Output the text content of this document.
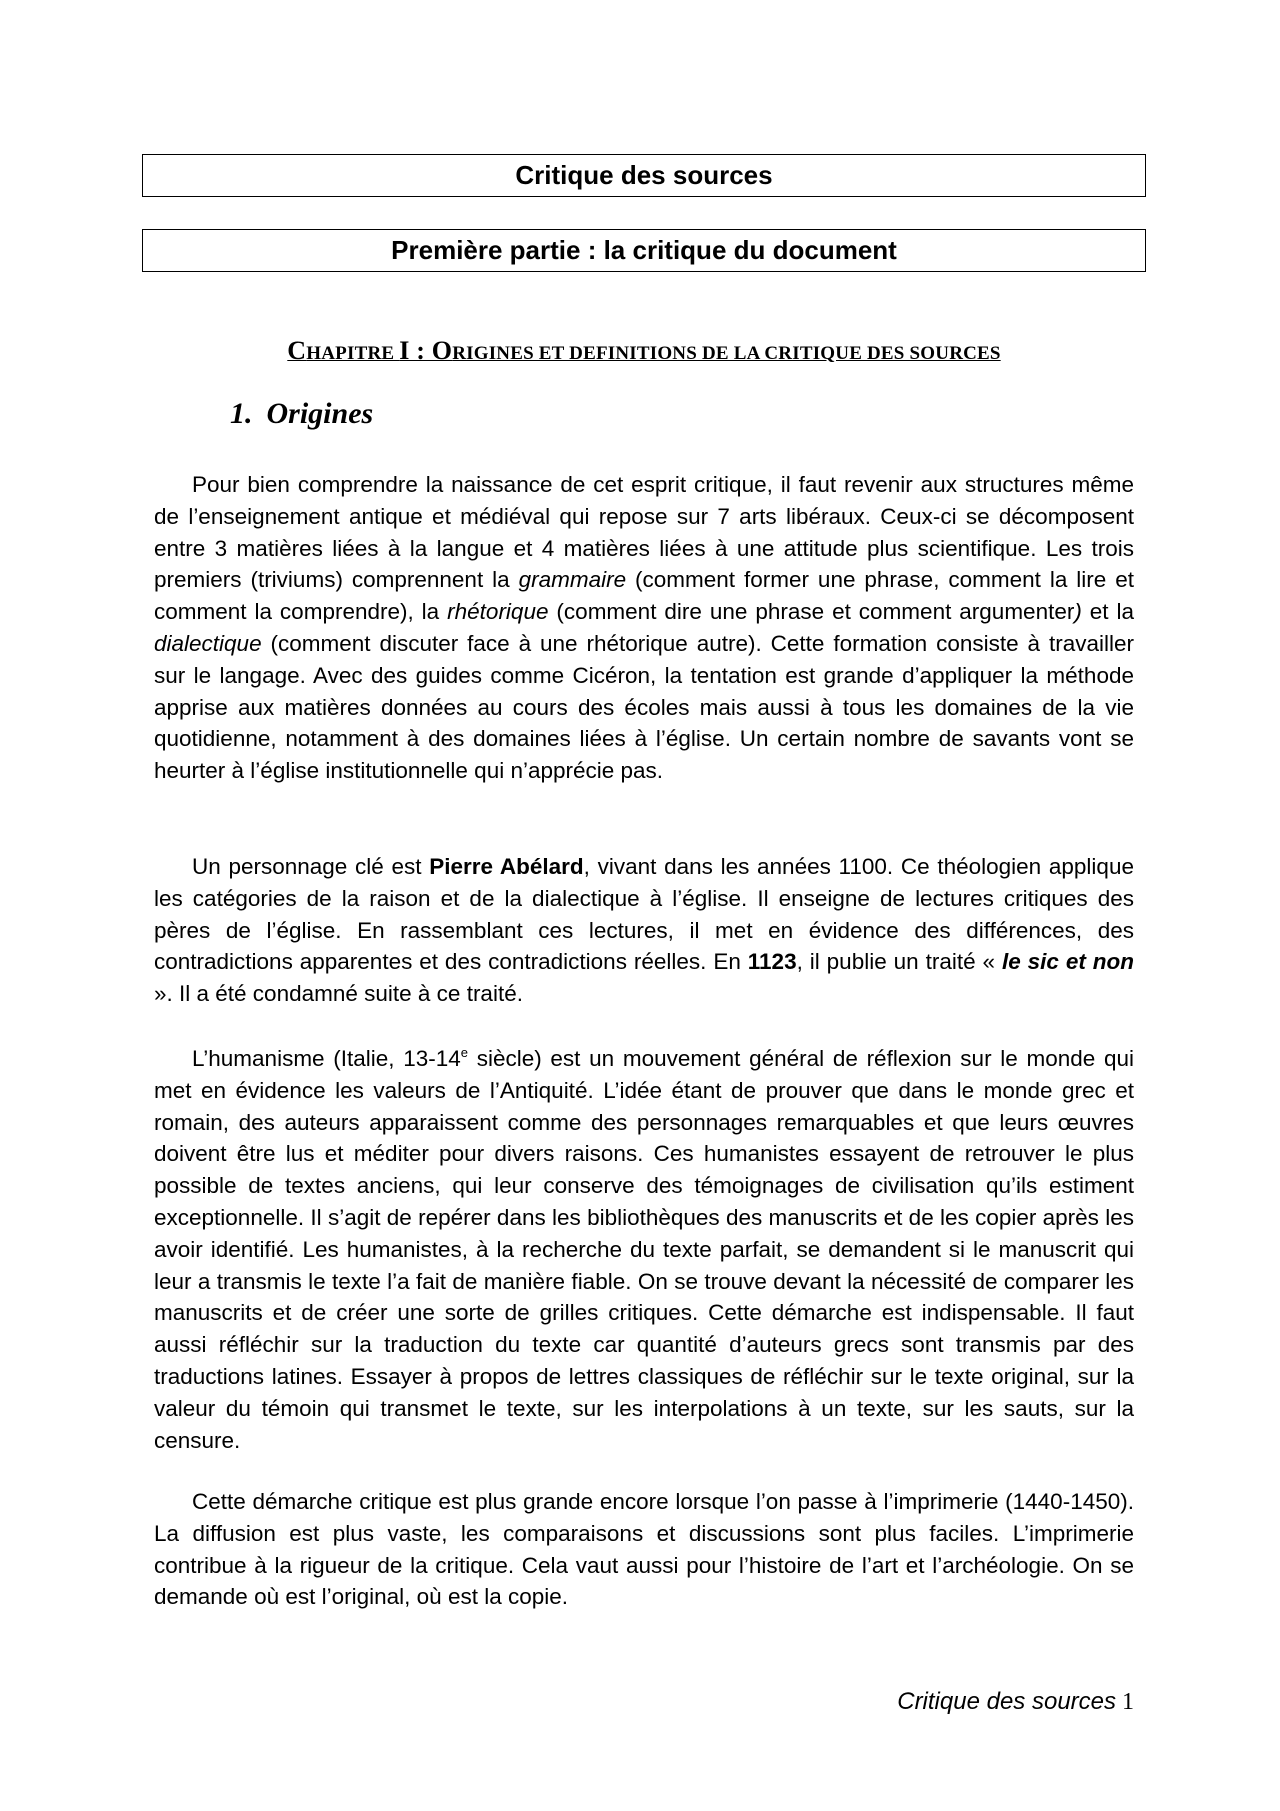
Critique des sources
Première partie : la critique du document
CHAPITRE I : ORIGINES ET DEFINITIONS DE LA CRITIQUE DES SOURCES
1. Origines

Pour bien comprendre la naissance de cet esprit critique, il faut revenir aux structures même de l’enseignement antique et médiéval qui repose sur 7 arts libéraux. Ceux-ci se décomposent entre 3 matières liées à la langue et 4 matières liées à une attitude plus scientifique. Les trois premiers (triviums) comprennent la grammaire (comment former une phrase, comment la lire et comment la comprendre), la rhétorique (comment dire une phrase et comment argumenter) et la dialectique (comment discuter face à une rhétorique autre). Cette formation consiste à travailler sur le langage. Avec des guides comme Cicéron, la tentation est grande d’appliquer la méthode apprise aux matières données au cours des écoles mais aussi à tous les domaines de la vie quotidienne, notamment à des domaines liées à l’église. Un certain nombre de savants vont se heurter à l’église institutionnelle qui n’apprécie pas.

Un personnage clé est Pierre Abélard, vivant dans les années 1100. Ce théologien applique les catégories de la raison et de la dialectique à l’église. Il enseigne de lectures critiques des pères de l’église. En rassemblant ces lectures, il met en évidence des différences, des contradictions apparentes et des contradictions réelles. En 1123, il publie un traité « le sic et non ». Il a été condamné suite à ce traité.

L’humanisme (Italie, 13-14e siècle) est un mouvement général de réflexion sur le monde qui met en évidence les valeurs de l’Antiquité. L’idée étant de prouver que dans le monde grec et romain, des auteurs apparaissent comme des personnages remarquables et que leurs œuvres doivent être lus et méditer pour divers raisons. Ces humanistes essayent de retrouver le plus possible de textes anciens, qui leur conserve des témoignages de civilisation qu’ils estiment exceptionnelle. Il s’agit de repérer dans les bibliothèques des manuscrits et de les copier après les avoir identifié. Les humanistes, à la recherche du texte parfait, se demandent si le manuscrit qui leur a transmis le texte l’a fait de manière fiable. On se trouve devant la nécessité de comparer les manuscrits et de créer une sorte de grilles critiques. Cette démarche est indispensable. Il faut aussi réfléchir sur la traduction du texte car quantité d’auteurs grecs sont transmis par des traductions latines. Essayer à propos de lettres classiques de réfléchir sur le texte original, sur la valeur du témoin qui transmet le texte, sur les interpolations à un texte, sur les sauts, sur la censure.

Cette démarche critique est plus grande encore lorsque l’on passe à l’imprimerie (1440-1450). La diffusion est plus vaste, les comparaisons et discussions sont plus faciles. L’imprimerie contribue à la rigueur de la critique. Cela vaut aussi pour l’histoire de l’art et l’archéologie. On se demande où est l’original, où est la copie.

Critique des sources 1
